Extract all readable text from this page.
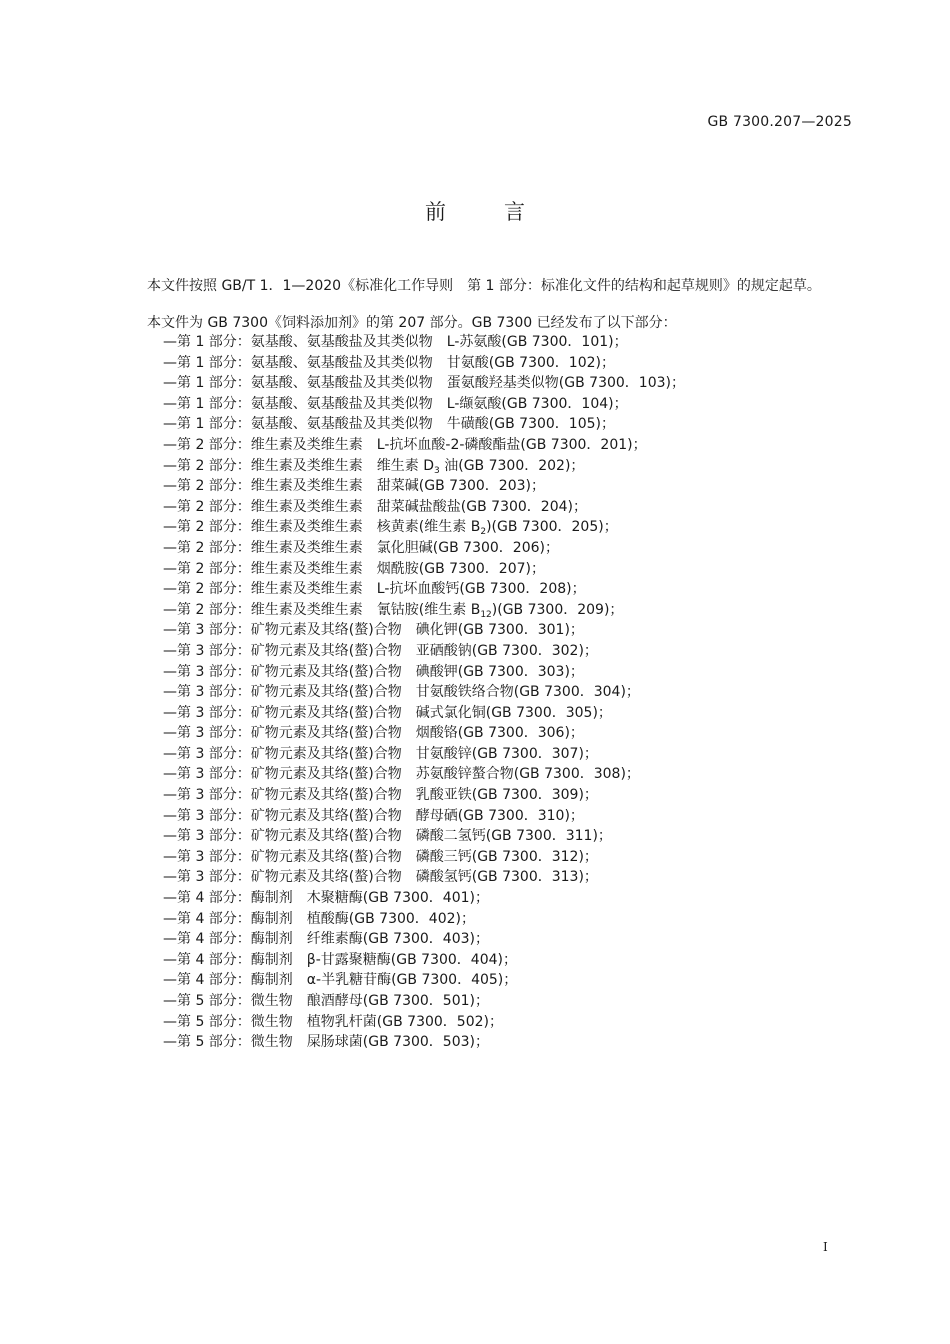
GB 7300.207—2025
前言

本文件按照 GB/T 1．1—2020《标准化工作导则　第 1 部分：标准化文件的结构和起草规则》的规定起草。

本文件为 GB 7300《饲料添加剂》的第 207 部分。GB 7300 已经发布了以下部分：

—第 1 部分：氨基酸、氨基酸盐及其类似物　L-苏氨酸(GB 7300．101)；
—第 1 部分：氨基酸、氨基酸盐及其类似物　甘氨酸(GB 7300．102)；
—第 1 部分：氨基酸、氨基酸盐及其类似物　蛋氨酸羟基类似物(GB 7300．103)；
—第 1 部分：氨基酸、氨基酸盐及其类似物　L-缬氨酸(GB 7300．104)；
—第 1 部分：氨基酸、氨基酸盐及其类似物　牛磺酸(GB 7300．105)；
—第 2 部分：维生素及类维生素　L-抗坏血酸-2-磷酸酯盐(GB 7300．201)；
—第 2 部分：维生素及类维生素　维生素 $D_3$ 油(GB 7300．202)；
—第 2 部分：维生素及类维生素　甜菜碱(GB 7300．203)；
—第 2 部分：维生素及类维生素　甜菜碱盐酸盐(GB 7300．204)；
—第 2 部分：维生素及类维生素　核黄素(维生素 $B_2)(GB$ 7300．205)；
—第 2 部分：维生素及类维生素　氯化胆碱(GB 7300．206)；
—第 2 部分：维生素及类维生素　烟酰胺(GB 7300．207)；
—第 2 部分：维生素及类维生素　L-抗坏血酸钙(GB 7300．208)；
—第 2 部分：维生素及类维生素　氰钴胺(维生素 $B_{12})(GB$ 7300．209)；
—第 3 部分：矿物元素及其络(螯)合物　碘化钾(GB 7300．301)；
—第 3 部分：矿物元素及其络(螯)合物　亚硒酸钠(GB 7300．302)；
—第 3 部分：矿物元素及其络(螯)合物　碘酸钾(GB 7300．303)；
—第 3 部分：矿物元素及其络(螯)合物　甘氨酸铁络合物(GB 7300．304)；
—第 3 部分：矿物元素及其络(螯)合物　碱式氯化铜(GB 7300．305)；
—第 3 部分：矿物元素及其络(螯)合物　烟酸铬(GB 7300．306)；
—第 3 部分：矿物元素及其络(螯)合物　甘氨酸锌(GB 7300．307)；
—第 3 部分：矿物元素及其络(螯)合物　苏氨酸锌螯合物(GB 7300．308)；
—第 3 部分：矿物元素及其络(螯)合物　乳酸亚铁(GB 7300．309)；
—第 3 部分：矿物元素及其络(螯)合物　酵母硒(GB 7300．310)；
—第 3 部分：矿物元素及其络(螯)合物　磷酸二氢钙(GB 7300．311)；
—第 3 部分：矿物元素及其络(螯)合物　磷酸三钙(GB 7300．312)；
—第 3 部分：矿物元素及其络(螯)合物　磷酸氢钙(GB 7300．313)；
—第 4 部分：酶制剂　木聚糖酶(GB 7300．401)；
—第 4 部分：酶制剂　植酸酶(GB 7300．402)；
—第 4 部分：酶制剂　纤维素酶(GB 7300．403)；
—第 4 部分：酶制剂　β-甘露聚糖酶(GB 7300．404)；
—第 4 部分：酶制剂　α-半乳糖苷酶(GB 7300．405)；
—第 5 部分：微生物　酿酒酵母(GB 7300．501)；
—第 5 部分：微生物　植物乳杆菌(GB 7300．502)；
—第 5 部分：微生物　屎肠球菌(GB 7300．503)；
I
